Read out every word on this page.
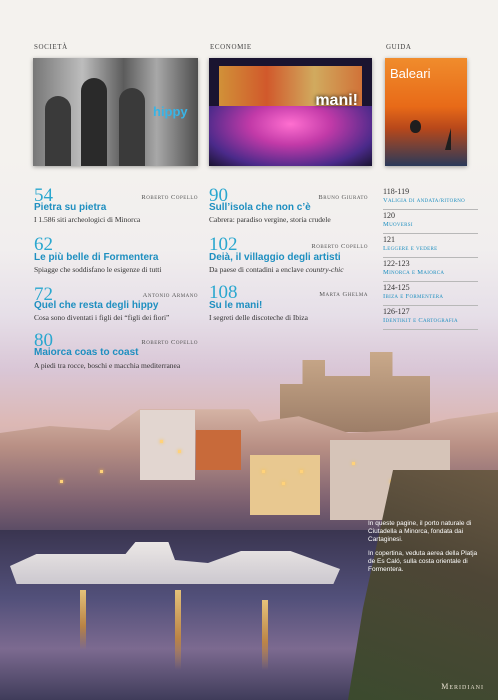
SOCIETÀ	ECONOMIE	GUIDA
hippy
mani!
Baleari
54	Roberto Copello
Pietra su pietra
I 1.586 siti archeologici di Minorca
62
Le più belle di Formentera
Spiagge che soddisfano le esigenze di tutti
72	Antonio Armano
Quel che resta degli hippy
Cosa sono diventati i figli dei “figli dei fiori”
80	Roberto Copello
Maiorca coas to coast
A piedi tra rocce, boschi e macchia mediterranea
90	Bruno Giurato
Sull’isola che non c’è
Cabrera: paradiso vergine, storia crudele
102	Roberto Copello
Deià, il villaggio degli artisti
Da paese di contadini a enclave country-chic
108	Marta Ghelma
Su le mani!
I segreti delle discoteche di Ibiza
118-119
Valigia di andata/ritorno
120
Muoversi
121
Leggere e vedere
122-123
Minorca e Maiorca
124-125
Ibiza e Formentera
126-127
Identikit e Cartografia

In queste pagine, il porto naturale di Ciutadella a Minorca, fondata dai Cartaginesi.

In copertina, veduta aerea della Platja de Es Caló, sulla costa orientale di Formentera.

Meridiani
